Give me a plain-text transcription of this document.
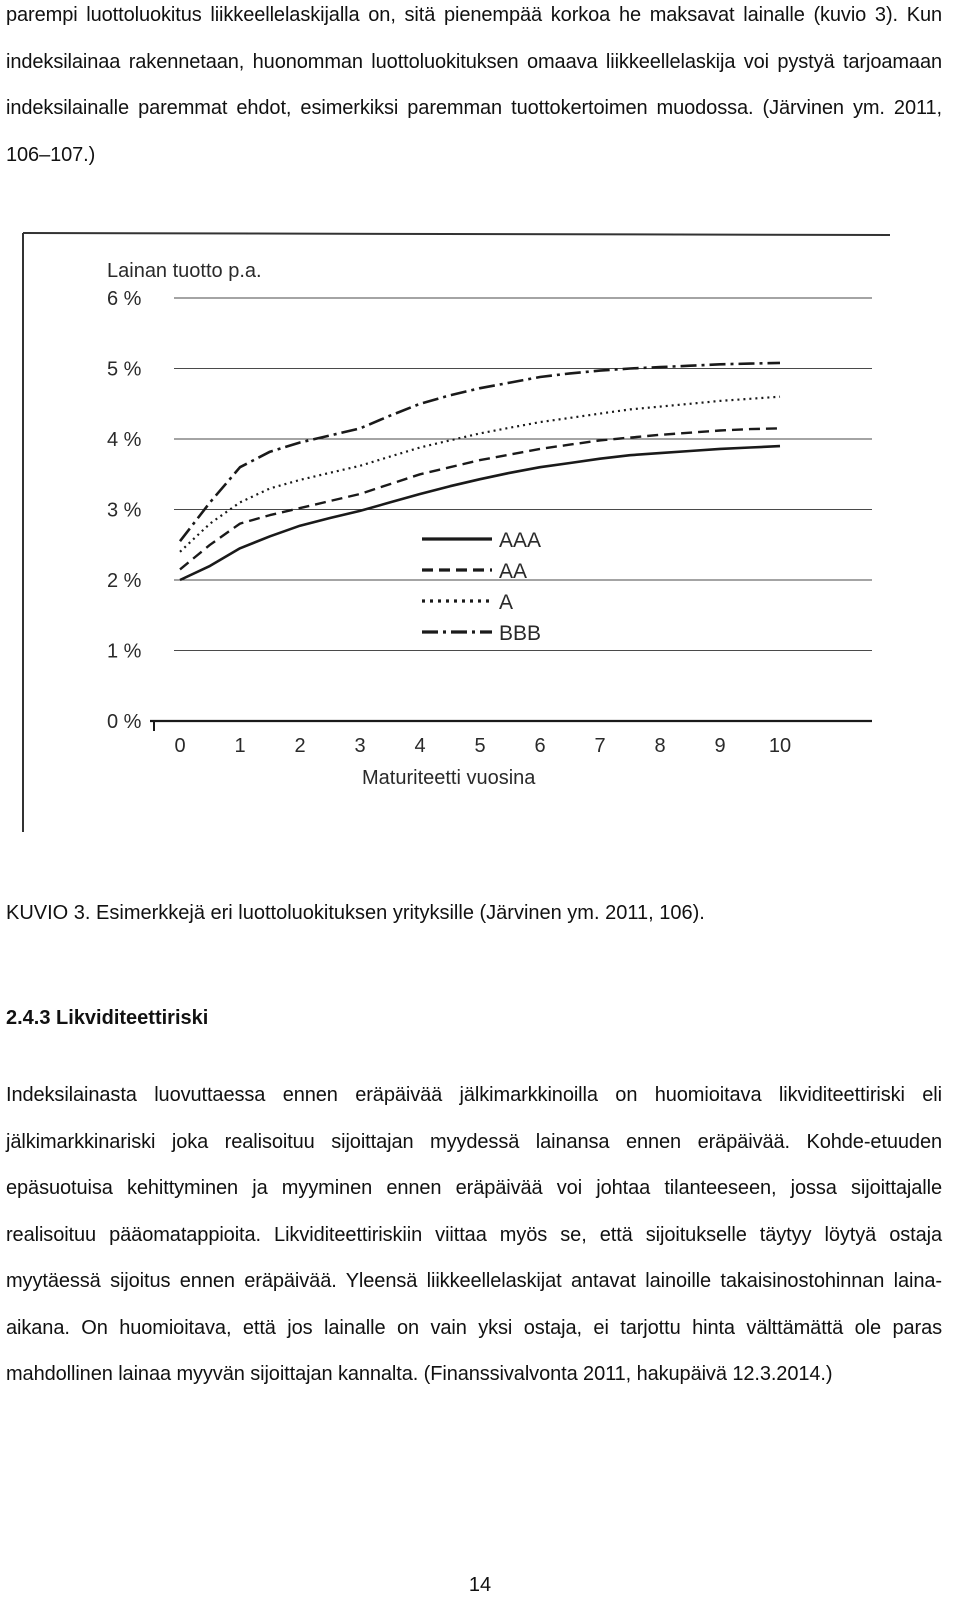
parempi luottoluokitus liikkeellelaskijalla on, sitä pienempää korkoa he maksavat lainalle (kuvio 3). Kun indeksilainaa rakennetaan, huonomman luottoluokituksen omaava liikkeellelaskija voi pystyä tarjoamaan indeksilainalle paremmat ehdot, esimerkiksi paremman tuottokertoimen muodossa. (Järvinen ym. 2011, 106–107.)

0 %
1 %
2 %
3 %
4 %
5 %
6 %
0 1 2 3 4 5 6 7 8 9 10
Lainan tuotto p.a.
Maturiteetti vuosina
AAA
AA
A
BBB
KUVIO 3. Esimerkkejä eri luottoluokituksen yrityksille (Järvinen ym. 2011, 106).
2.4.3 Likviditeettiriski

Indeksilainasta luovuttaessa ennen eräpäivää jälkimarkkinoilla on huomioitava likviditeettiriski eli jälkimarkkinariski joka realisoituu sijoittajan myydessä lainansa ennen eräpäivää. Kohde-etuuden epäsuotuisa kehittyminen ja myyminen ennen eräpäivää voi johtaa tilanteeseen, jossa sijoittajalle realisoituu pääomatappioita. Likviditeettiriskiin viittaa myös se, että sijoitukselle täytyy löytyä ostaja myytäessä sijoitus ennen eräpäivää. Yleensä liikkeellelaskijat antavat lainoille takaisinostohinnan laina-aikana. On huomioitava, että jos lainalle on vain yksi ostaja, ei tarjottu hinta välttämättä ole paras mahdollinen lainaa myyvän sijoittajan kannalta. (Finanssivalvonta 2011, hakupäivä 12.3.2014.)

14
